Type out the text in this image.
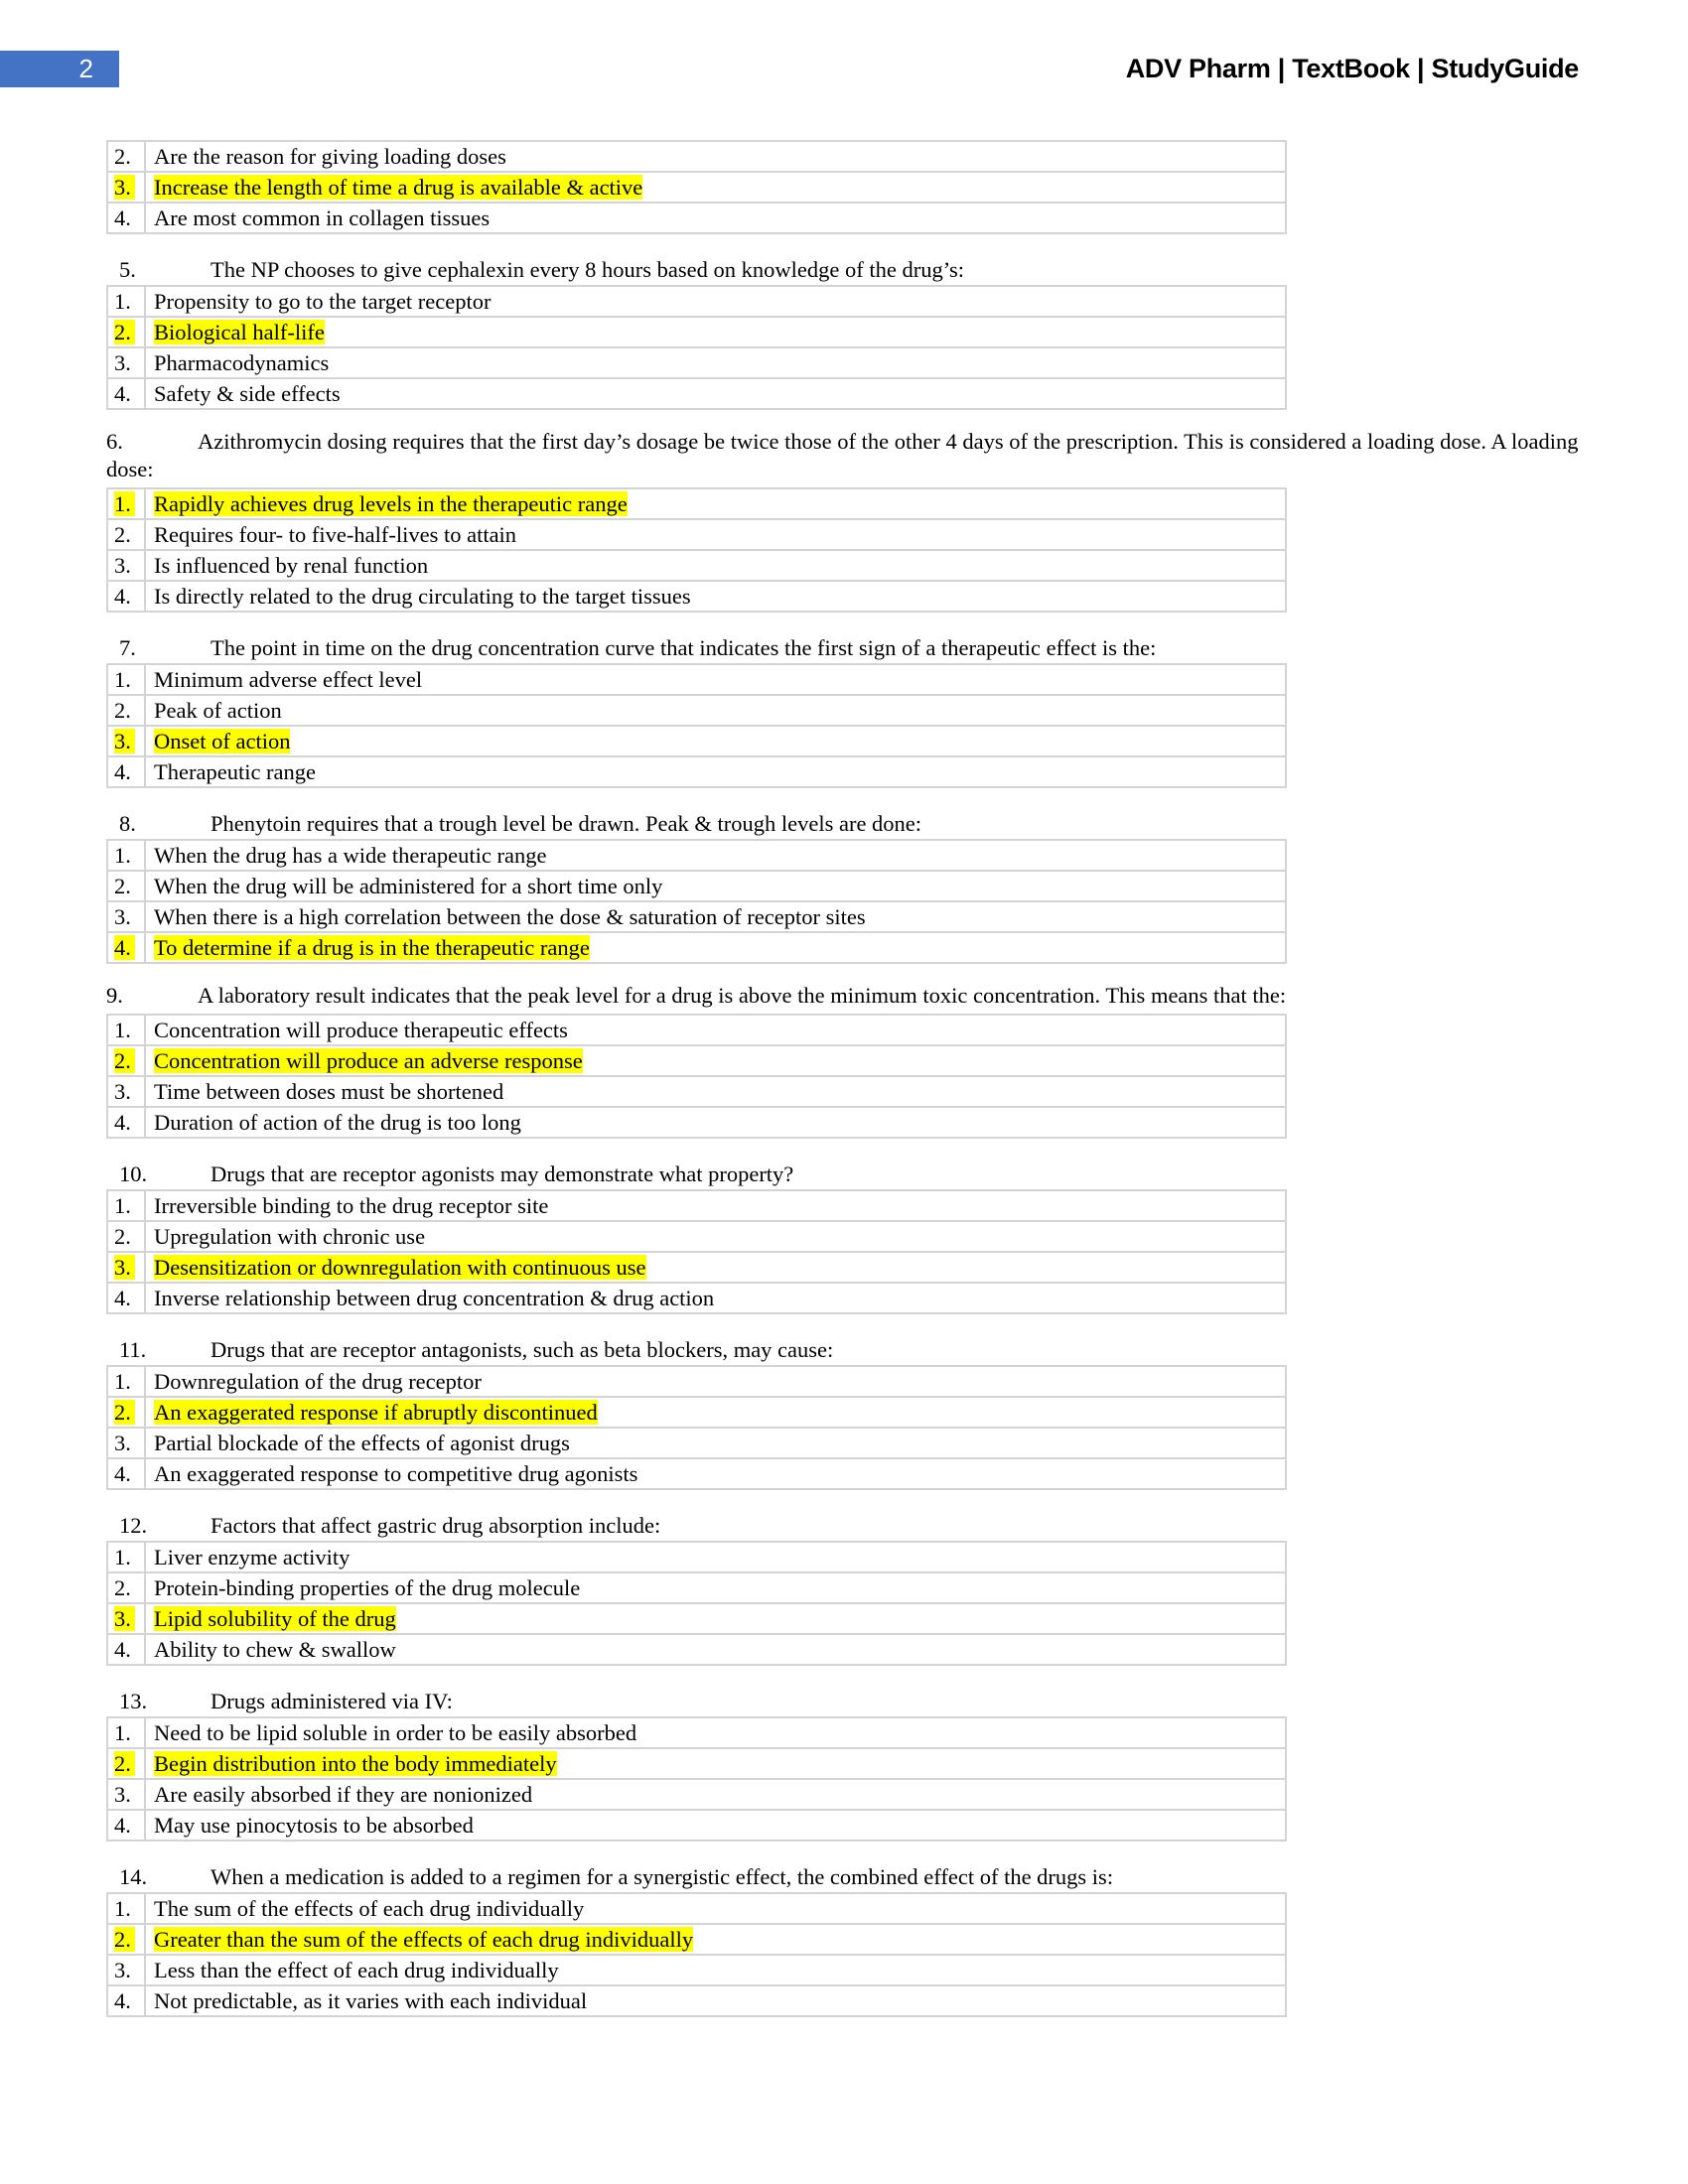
2	ADV Pharm | TextBook | StudyGuide
2.	Are the reason for giving loading doses
3.	Increase the length of time a drug is available & active
4.	Are most common in collagen tissues
5.	The NP chooses to give cephalexin every 8 hours based on knowledge of the drug’s:
1.	Propensity to go to the target receptor
2.	Biological half-life
3.	Pharmacodynamics
4.	Safety & side effects
6.	Azithromycin dosing requires that the first day’s dosage be twice those of the other 4 days of the prescription. This is considered a loading dose. A loading dose:
1.	Rapidly achieves drug levels in the therapeutic range
2.	Requires four- to five-half-lives to attain
3.	Is influenced by renal function
4.	Is directly related to the drug circulating to the target tissues
7.	The point in time on the drug concentration curve that indicates the first sign of a therapeutic effect is the:
1.	Minimum adverse effect level
2.	Peak of action
3.	Onset of action
4.	Therapeutic range
8.	Phenytoin requires that a trough level be drawn. Peak & trough levels are done:
1.	When the drug has a wide therapeutic range
2.	When the drug will be administered for a short time only
3.	When there is a high correlation between the dose & saturation of receptor sites
4.	To determine if a drug is in the therapeutic range
9.	A laboratory result indicates that the peak level for a drug is above the minimum toxic concentration. This means that the:
1.	Concentration will produce therapeutic effects
2.	Concentration will produce an adverse response
3.	Time between doses must be shortened
4.	Duration of action of the drug is too long
10.	Drugs that are receptor agonists may demonstrate what property?
1.	Irreversible binding to the drug receptor site
2.	Upregulation with chronic use
3.	Desensitization or downregulation with continuous use
4.	Inverse relationship between drug concentration & drug action
11.	Drugs that are receptor antagonists, such as beta blockers, may cause:
1.	Downregulation of the drug receptor
2.	An exaggerated response if abruptly discontinued
3.	Partial blockade of the effects of agonist drugs
4.	An exaggerated response to competitive drug agonists
12.	Factors that affect gastric drug absorption include:
1.	Liver enzyme activity
2.	Protein-binding properties of the drug molecule
3.	Lipid solubility of the drug
4.	Ability to chew & swallow
13.	Drugs administered via IV:
1.	Need to be lipid soluble in order to be easily absorbed
2.	Begin distribution into the body immediately
3.	Are easily absorbed if they are nonionized
4.	May use pinocytosis to be absorbed
14.	When a medication is added to a regimen for a synergistic effect, the combined effect of the drugs is:
1.	The sum of the effects of each drug individually
2.	Greater than the sum of the effects of each drug individually
3.	Less than the effect of each drug individually
4.	Not predictable, as it varies with each individual
